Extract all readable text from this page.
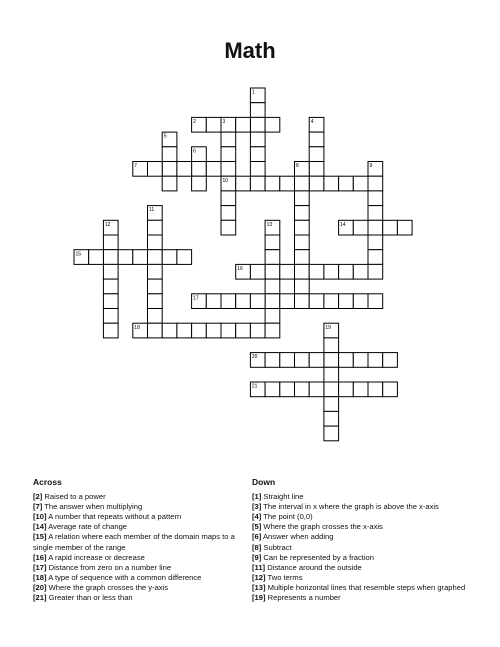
Math
1
2	3	4
5
6
7	8	9
10
11
12	13	14
15
16
17
18	19
20
21
Across
[2] Raised to a power
[7] The answer when multiplying
[10] A number that repeats without a pattern
[14] Average rate of change
[15] A relation where each member of the domain maps to a single member of the range
[16] A rapid increase or decrease
[17] Distance from zero on a number line
[18] A type of sequence with a common difference
[20] Where the graph crosses the y-axis
[21] Greater than or less than
Down
[1] Straight line
[3] The interval in x where the graph is above the x-axis
[4] The point (0,0)
[5] Where the graph crosses the x-axis
[6] Answer when adding
[8] Subtract
[9] Can be represented by a fraction
[11] Distance around the outside
[12] Two terms
[13] Multiple horizontal lines that resemble steps when graphed
[19] Represents a number
